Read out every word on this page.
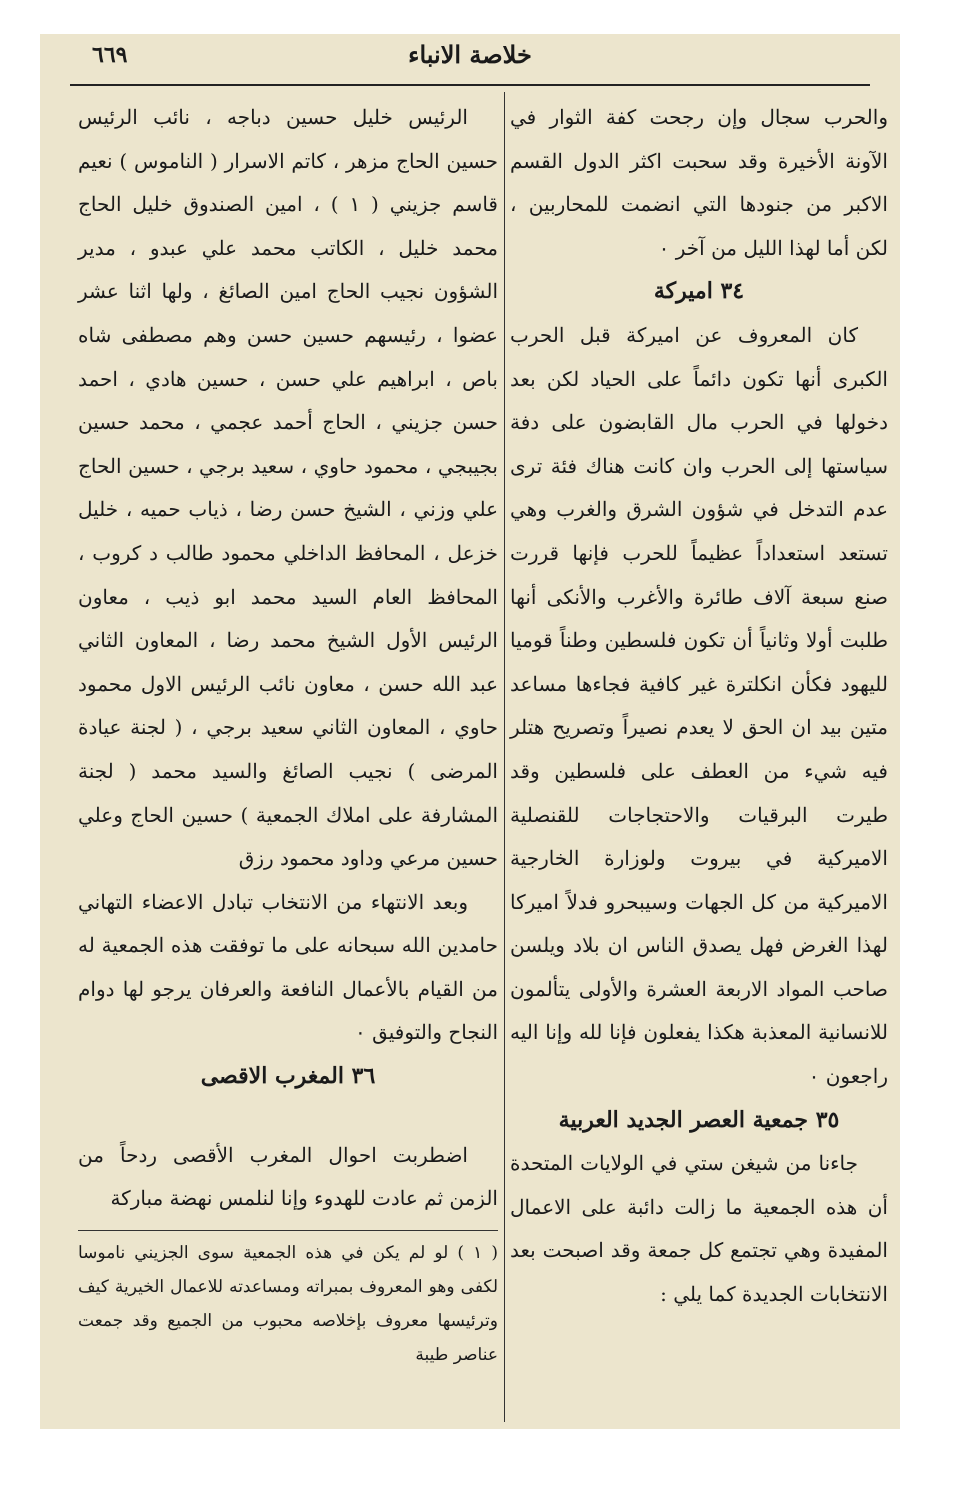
٦٦٩	خلاصة الانباء

والحرب سجال وإن رجحت كفة الثوار في الآونة الأخيرة وقد سحبت اكثر الدول القسم الاكبر من جنودها التي انضمت للمحاربين ، لكن أما لهذا الليل من آخر ٠

٣٤ اميركة

كان المعروف عن اميركة قبل الحرب الكبرى أنها تكون دائماً على الحياد لكن بعد دخولها في الحرب مال القابضون على دفة سياستها إلى الحرب وان كانت هناك فئة ترى عدم التدخل في شؤون الشرق والغرب وهي تستعد استعداداً عظيماً للحرب فإنها قررت صنع سبعة آلاف طائرة والأغرب والأنكى أنها طلبت أولا وثانياً أن تكون فلسطين وطناً قوميا لليهود فكأن انكلترة غير كافية فجاءها مساعد متين بيد ان الحق لا يعدم نصيراً وتصريح هتلر فيه شيء من العطف على فلسطين وقد طيرت البرقيات والاحتجاجات للقنصلية الاميركية في بيروت ولوزارة الخارجية الاميركية من كل الجهات وسيبحرو فدلاً اميركا لهذا الغرض فهل يصدق الناس ان بلاد ويلسن صاحب المواد الاربعة العشرة والأولى يتألمون للانسانية المعذبة هكذا يفعلون فإنا لله وإنا اليه راجعون ٠

٣٥ جمعية العصر الجديد العربية

جاءنا من شيغن ستي في الولايات المتحدة أن هذه الجمعية ما زالت دائبة على الاعمال المفيدة وهي تجتمع كل جمعة وقد اصبحت بعد الانتخابات الجديدة كما يلي :

الرئيس خليل حسين دباجه ، نائب الرئيس حسين الحاج مزهر ، كاتم الاسرار ( الناموس ) نعيم قاسم جزيني ( ١ ) ، امين الصندوق خليل الحاج محمد خليل ، الكاتب محمد علي عبدو ، مدير الشؤون نجيب الحاج امين الصائغ ، ولها اثنا عشر عضوا ، رئيسهم حسين حسن وهم مصطفى شاه باص ، ابراهيم علي حسن ، حسين هادي ، احمد حسن جزيني ، الحاج أحمد عجمي ، محمد حسين بجيبجي ، محمود حاوي ، سعيد برجي ، حسين الحاج علي وزني ، الشيخ حسن رضا ، ذياب حميه ، خليل خزعل ، المحافظ الداخلي محمود طالب د كروب ، المحافظ العام السيد محمد ابو ذيب ، معاون الرئيس الأول الشيخ محمد رضا ، المعاون الثاني عبد الله حسن ، معاون نائب الرئيس الاول محمود حاوي ، المعاون الثاني سعيد برجي ، ( لجنة عيادة المرضى ) نجيب الصائغ والسيد محمد ( لجنة المشارفة على املاك الجمعية ) حسين الحاج وعلي حسين مرعي وداود محمود رزق

وبعد الانتهاء من الانتخاب تبادل الاعضاء التهاني حامدين الله سبحانه على ما توفقت هذه الجمعية له من القيام بالأعمال النافعة والعرفان يرجو لها دوام النجاح والتوفيق ٠

٣٦ المغرب الاقصى

اضطربت احوال المغرب الأقصى ردحاً من الزمن ثم عادت للهدوء وإنا لنلمس نهضة مباركة

( ١ ) لو لم يكن في هذه الجمعية سوى الجزيني ناموسا لكفى وهو المعروف بمبراته ومساعدته للاعمال الخيرية كيف وترئيسها معروف بإخلاصه محبوب من الجميع وقد جمعت عناصر طيبة
